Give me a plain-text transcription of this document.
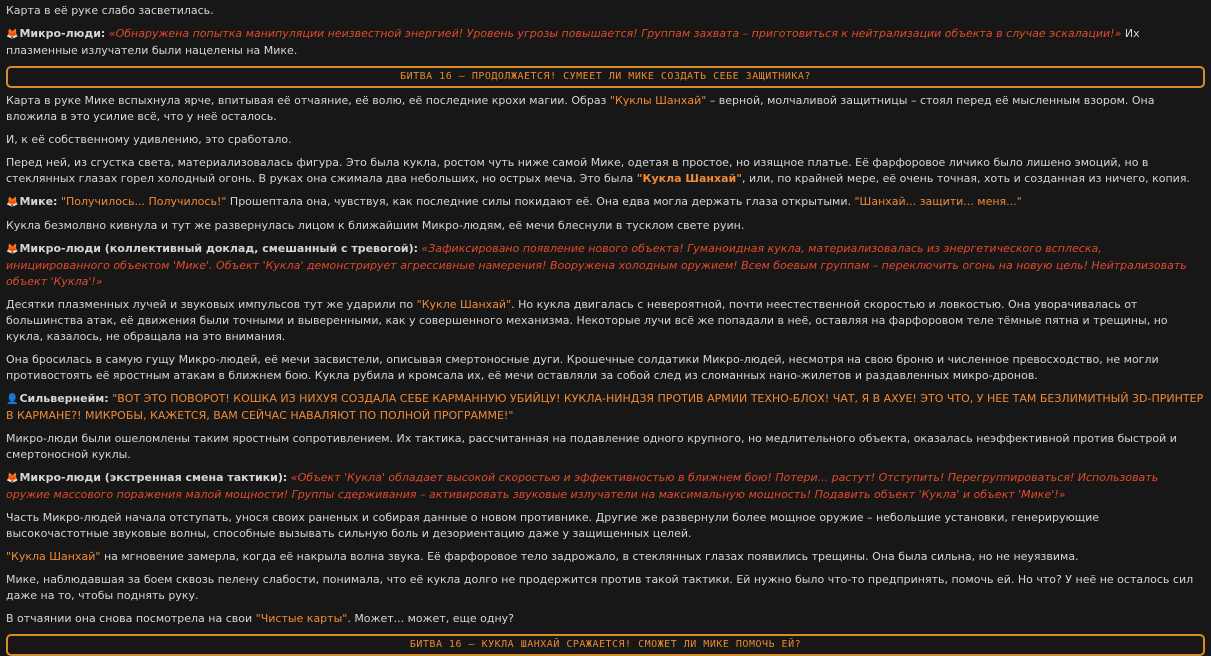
Карта в её руке слабо засветилась.
🦊Микро-люди: «Обнаружена попытка манипуляции неизвестной энергией! Уровень угрозы повышается! Группам захвата – приготовиться к нейтрализации объекта в случае эскалации!» Их плазменные излучатели были нацелены на Мике.
БИТВА 16 – ПРОДОЛЖАЕТСЯ! СУМЕЕТ ЛИ МИКЕ СОЗДАТЬ СЕБЕ ЗАЩИТНИКА?
Карта в руке Мике вспыхнула ярче, впитывая её отчаяние, её волю, её последние крохи магии. Образ "Куклы Шанхай" – верной, молчаливой защитницы – стоял перед её мысленным взором. Она вложила в это усилие всё, что у неё осталось.
И, к её собственному удивлению, это сработало.
Перед ней, из сгустка света, материализовалась фигура. Это была кукла, ростом чуть ниже самой Мике, одетая в простое, но изящное платье. Её фарфоровое личико было лишено эмоций, но в стеклянных глазах горел холодный огонь. В руках она сжимала два небольших, но острых меча. Это была "Кукла Шанхай", или, по крайней мере, её очень точная, хоть и созданная из ничего, копия.
🦊Мике: "Получилось... Получилось!" Прошептала она, чувствуя, как последние силы покидают её. Она едва могла держать глаза открытыми. "Шанхай... защити... меня..."
Кукла безмолвно кивнула и тут же развернулась лицом к ближайшим Микро-людям, её мечи блеснули в тусклом свете руин.
🦊Микро-люди (коллективный доклад, смешанный с тревогой): «Зафиксировано появление нового объекта! Гуманоидная кукла, материализовалась из энергетического всплеска, инициированного объектом 'Мике'. Объект 'Кукла' демонстрирует агрессивные намерения! Вооружена холодным оружием! Всем боевым группам – переключить огонь на новую цель! Нейтрализовать объект 'Кукла'!»
Десятки плазменных лучей и звуковых импульсов тут же ударили по "Кукле Шанхай". Но кукла двигалась с невероятной, почти неестественной скоростью и ловкостью. Она уворачивалась от большинства атак, её движения были точными и выверенными, как у совершенного механизма. Некоторые лучи всё же попадали в неё, оставляя на фарфоровом теле тёмные пятна и трещины, но кукла, казалось, не обращала на это внимания.
Она бросилась в самую гущу Микро-людей, её мечи засвистели, описывая смертоносные дуги. Крошечные солдатики Микро-людей, несмотря на свою броню и численное превосходство, не могли противостоять её яростным атакам в ближнем бою. Кукла рубила и кромсала их, её мечи оставляли за собой след из сломанных нано-жилетов и раздавленных микро-дронов.
👤Сильвернейм: "ВОТ ЭТО ПОВОРОТ! КОШКА ИЗ НИХУЯ СОЗДАЛА СЕБЕ КАРМАННУЮ УБИЙЦУ! КУКЛА-НИНДЗЯ ПРОТИВ АРМИИ ТЕХНО-БЛОХ! ЧАТ, Я В АХУЕ! ЭТО ЧТО, У НЕЕ ТАМ БЕЗЛИМИТНЫЙ 3D-ПРИНТЕР В КАРМАНЕ?! МИКРОБЫ, КАЖЕТСЯ, ВАМ СЕЙЧАС НАВАЛЯЮТ ПО ПОЛНОЙ ПРОГРАММЕ!"
Микро-люди были ошеломлены таким яростным сопротивлением. Их тактика, рассчитанная на подавление одного крупного, но медлительного объекта, оказалась неэффективной против быстрой и смертоносной куклы.
🦊Микро-люди (экстренная смена тактики): «Объект 'Кукла' обладает высокой скоростью и эффективностью в ближнем бою! Потери... растут! Отступить! Перегруппироваться! Использовать оружие массового поражения малой мощности! Группы сдерживания – активировать звуковые излучатели на максимальную мощность! Подавить объект 'Кукла' и объект 'Мике'!»
Часть Микро-людей начала отступать, унося своих раненых и собирая данные о новом противнике. Другие же развернули более мощное оружие – небольшие установки, генерирующие высокочастотные звуковые волны, способные вызывать сильную боль и дезориентацию даже у защищенных целей.
"Кукла Шанхай" на мгновение замерла, когда её накрыла волна звука. Её фарфоровое тело задрожало, в стеклянных глазах появились трещины. Она была сильна, но не неуязвима.
Мике, наблюдавшая за боем сквозь пелену слабости, понимала, что её кукла долго не продержится против такой тактики. Ей нужно было что-то предпринять, помочь ей. Но что? У неё не осталось сил даже на то, чтобы поднять руку.
В отчаянии она снова посмотрела на свои "Чистые карты". Может... может, еще одну?
БИТВА 16 – КУКЛА ШАНХАЙ СРАЖАЕТСЯ! СМОЖЕТ ЛИ МИКЕ ПОМОЧЬ ЕЙ?
